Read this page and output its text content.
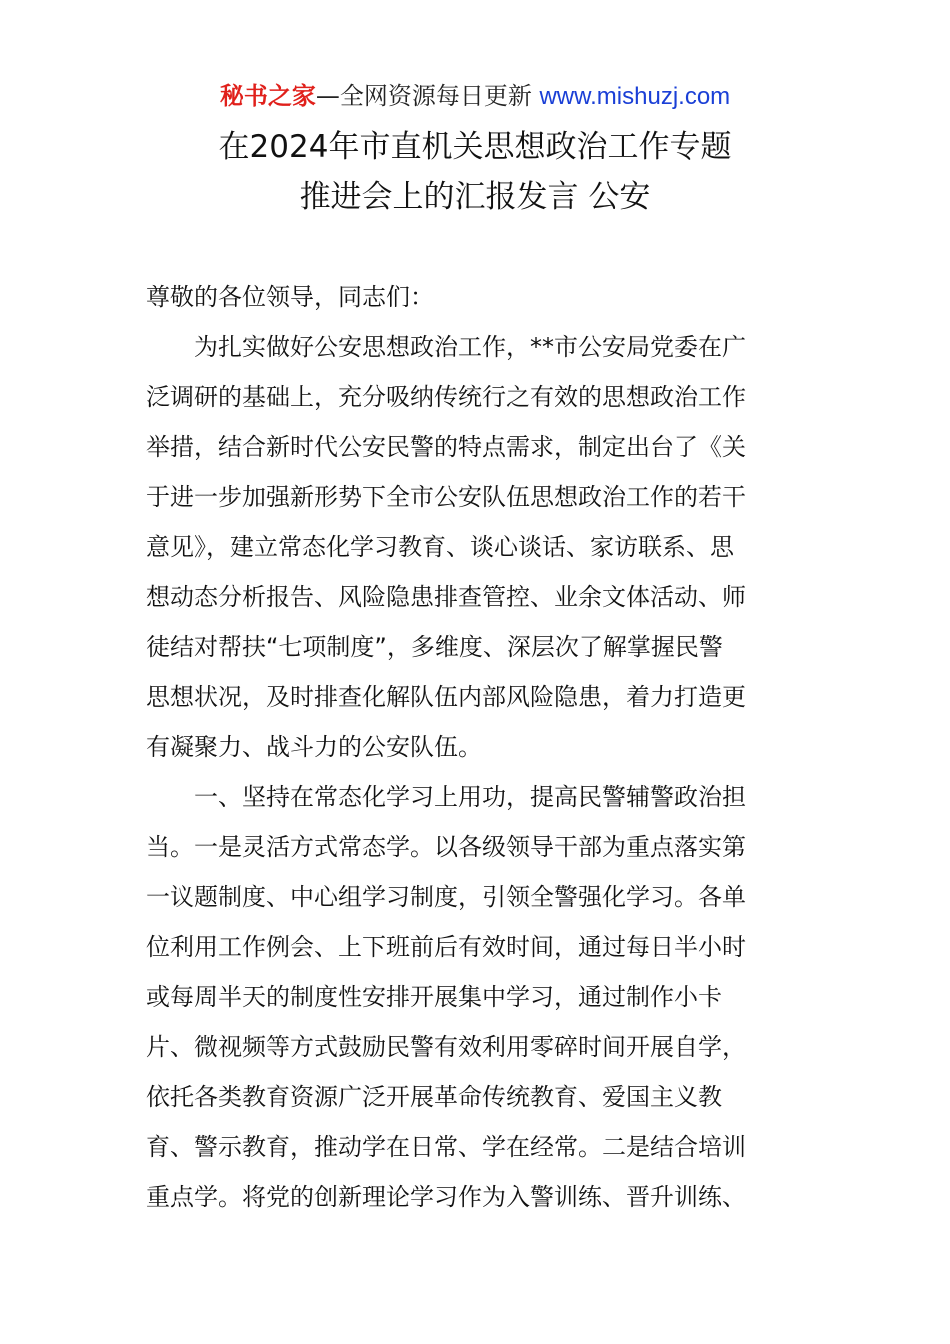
秘书之家—全网资源每日更新 www.mishuzj.com
在2024年市直机关思想政治工作专题
推进会上的汇报发言 公安
尊敬的各位领导，同志们：
为扎实做好公安思想政治工作，**市公安局党委在广
泛调研的基础上，充分吸纳传统行之有效的思想政治工作
举措，结合新时代公安民警的特点需求，制定出台了《关
于进一步加强新形势下全市公安队伍思想政治工作的若干
意见》，建立常态化学习教育、谈心谈话、家访联系、思
想动态分析报告、风险隐患排查管控、业余文体活动、师
徒结对帮扶“七项制度”，多维度、深层次了解掌握民警
思想状况，及时排查化解队伍内部风险隐患，着力打造更
有凝聚力、战斗力的公安队伍。
一、坚持在常态化学习上用功，提高民警辅警政治担
当。一是灵活方式常态学。以各级领导干部为重点落实第
一议题制度、中心组学习制度，引领全警强化学习。各单
位利用工作例会、上下班前后有效时间，通过每日半小时
或每周半天的制度性安排开展集中学习，通过制作小卡
片、微视频等方式鼓励民警有效利用零碎时间开展自学，
依托各类教育资源广泛开展革命传统教育、爱国主义教
育、警示教育，推动学在日常、学在经常。二是结合培训
重点学。将党的创新理论学习作为入警训练、晋升训练、
